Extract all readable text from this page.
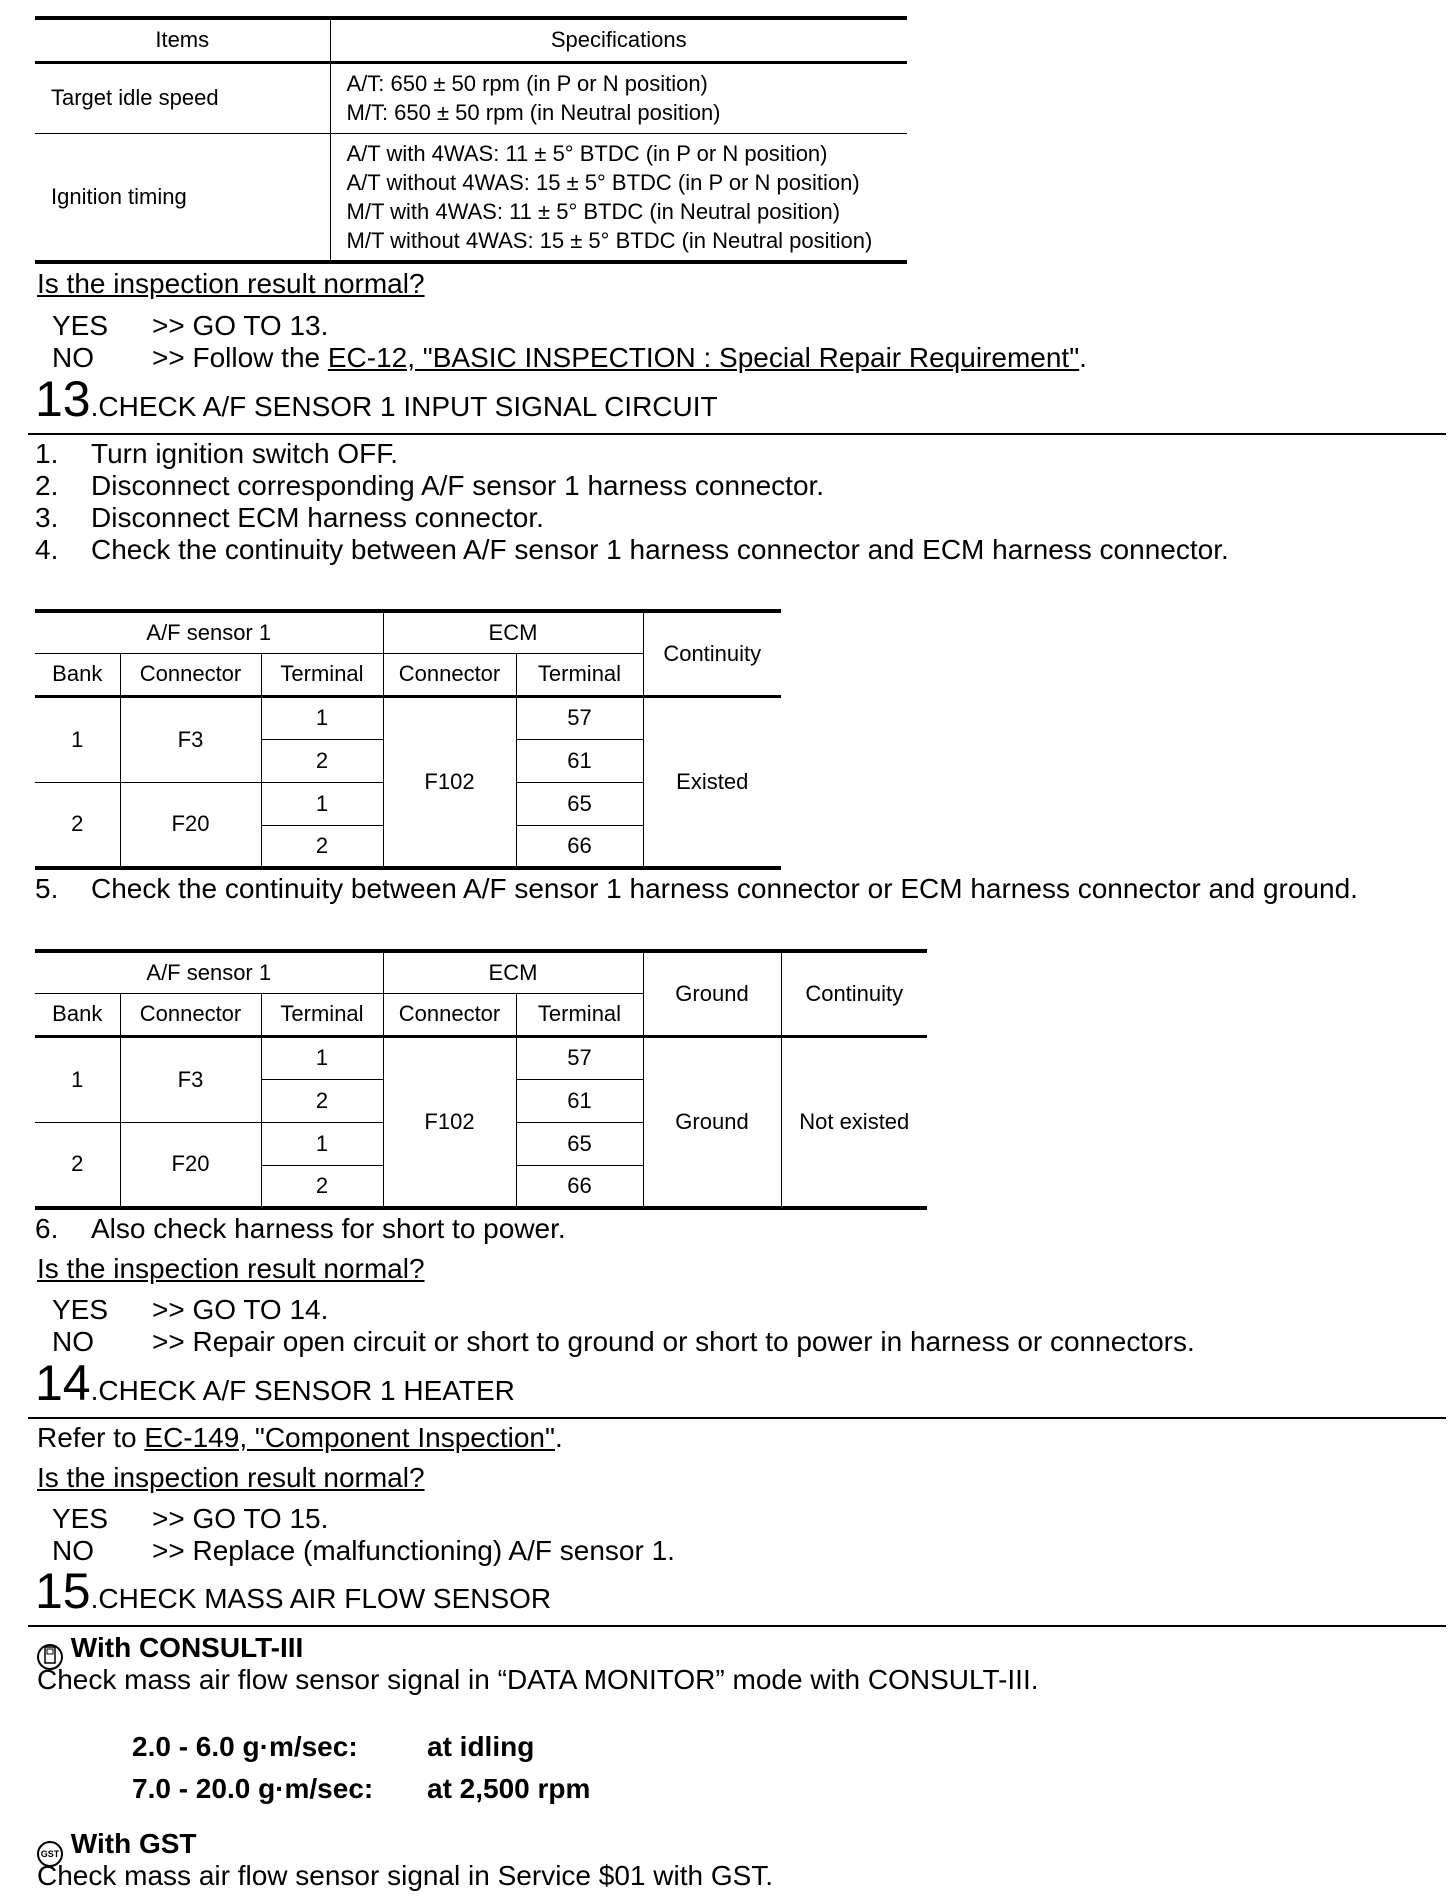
Items	Specifications
Target idle speed	A/T: 650 ± 50 rpm (in P or N position)
M/T: 650 ± 50 rpm (in Neutral position)

Ignition timing	A/T with 4WAS: 11 ± 5° BTDC (in P or N position)
A/T without 4WAS: 15 ± 5° BTDC (in P or N position)
M/T with 4WAS: 11 ± 5° BTDC (in Neutral position)
M/T without 4WAS: 15 ± 5° BTDC (in Neutral position)
Is the inspection result normal?
YES >> GO TO 13.
NO >> Follow the EC-12, "BASIC INSPECTION : Special Repair Requirement".
13.CHECK A/F SENSOR 1 INPUT SIGNAL CIRCUIT
1. Turn ignition switch OFF.
2. Disconnect corresponding A/F sensor 1 harness connector.
3. Disconnect ECM harness connector.
4. Check the continuity between A/F sensor 1 harness connector and ECM harness connector.
A/F sensor 1			ECM		Continuity
Bank	Connector	Terminal	Connector	Terminal	
1	F3	1	F102	57	Existed
		2		61	
2	F20	1		65	
		2		66	
5. Check the continuity between A/F sensor 1 harness connector or ECM harness connector and ground.
A/F sensor 1			ECM		Ground	Continuity
Bank	Connector	Terminal	Connector	Terminal		
1	F3	1	F102	57	Ground	Not existed
		2		61		
2	F20	1		65		
		2		66		
6. Also check harness for short to power.
Is the inspection result normal?
YES >> GO TO 14.
NO >> Repair open circuit or short to ground or short to power in harness or connectors.
14.CHECK A/F SENSOR 1 HEATER
Refer to EC-149, "Component Inspection".
Is the inspection result normal?
YES >> GO TO 15.
NO >> Replace (malfunctioning) A/F sensor 1.
15.CHECK MASS AIR FLOW SENSOR
With CONSULT-III
Check mass air flow sensor signal in “DATA MONITOR” mode with CONSULT-III.
2.0 - 6.0 g·m/sec: at idling
7.0 - 20.0 g·m/sec: at 2,500 rpm
GST With GST
Check mass air flow sensor signal in Service $01 with GST.
